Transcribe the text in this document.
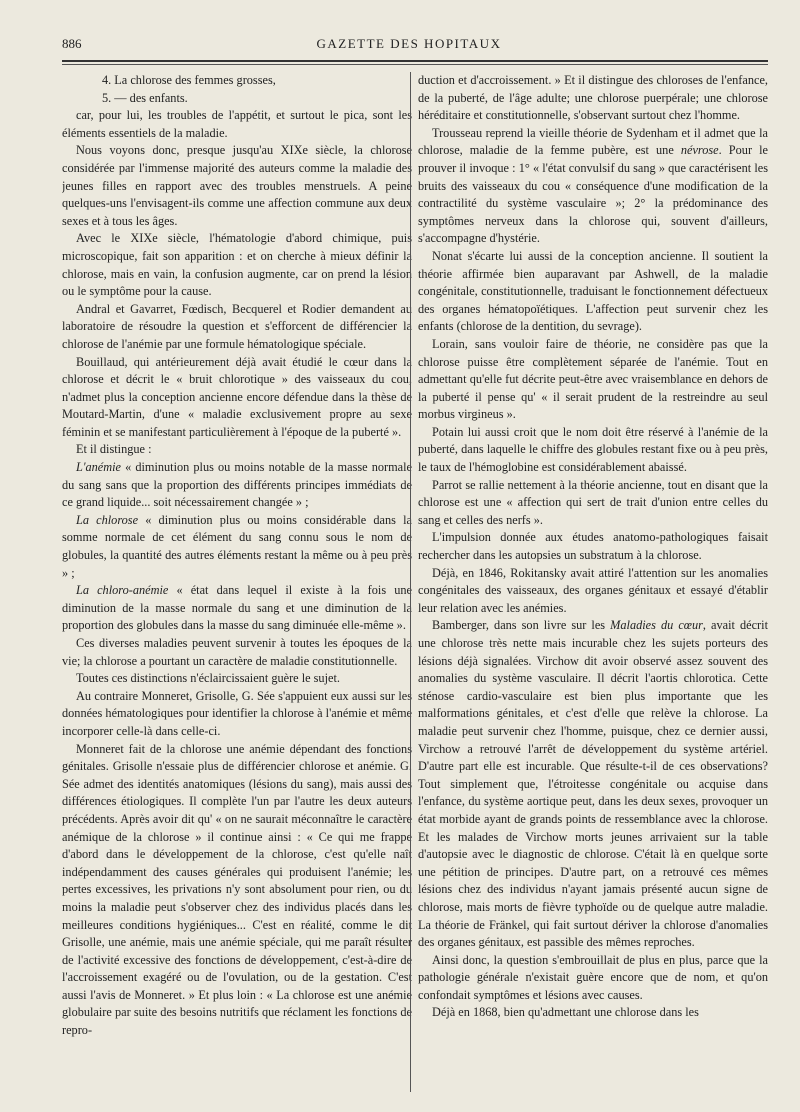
886	GAZETTE DES HOPITAUX

4. La chlorose des femmes grosses,

5. — des enfants.

car, pour lui, les troubles de l'appétit, et surtout le pica, sont les éléments essentiels de la maladie.

Nous voyons donc, presque jusqu'au XIXe siècle, la chlorose considérée par l'immense majorité des auteurs comme la maladie des jeunes filles en rapport avec des troubles menstruels. A peine quelques-uns l'envisagent-ils comme une affection commune aux deux sexes et à tous les âges.

Avec le XIXe siècle, l'hématologie d'abord chimique, puis microscopique, fait son apparition : et on cherche à mieux définir la chlorose, mais en vain, la confusion augmente, car on prend la lésion ou le symptôme pour la cause.

Andral et Gavarret, Fœdisch, Becquerel et Rodier demandent au laboratoire de résoudre la question et s'efforcent de différencier la chlorose de l'anémie par une formule hématologique spéciale.

Bouillaud, qui antérieurement déjà avait étudié le cœur dans la chlorose et décrit le « bruit chlorotique » des vaisseaux du cou, n'admet plus la conception ancienne encore défendue dans la thèse de Moutard-Martin, d'une « maladie exclusivement propre au sexe féminin et se manifestant particulièrement à l'époque de la puberté ».

Et il distingue :

L'anémie « diminution plus ou moins notable de la masse normale du sang sans que la proportion des différents principes immédiats de ce grand liquide... soit nécessairement changée » ;

La chlorose « diminution plus ou moins considérable dans la somme normale de cet élément du sang connu sous le nom de globules, la quantité des autres éléments restant la même ou à peu près » ;

La chloro-anémie « état dans lequel il existe à la fois une diminution de la masse normale du sang et une diminution de la proportion des globules dans la masse du sang diminuée elle-même ».

Ces diverses maladies peuvent survenir à toutes les époques de la vie; la chlorose a pourtant un caractère de maladie constitutionnelle.

Toutes ces distinctions n'éclaircissaient guère le sujet.

Au contraire Monneret, Grisolle, G. Sée s'appuient eux aussi sur les données hématologiques pour identifier la chlorose à l'anémie et même incorporer celle-là dans celle-ci.

Monneret fait de la chlorose une anémie dépendant des fonctions génitales. Grisolle n'essaie plus de différencier chlorose et anémie. G. Sée admet des identités anatomiques (lésions du sang), mais aussi des différences étiologiques. Il complète l'un par l'autre les deux auteurs précédents. Après avoir dit qu' « on ne saurait méconnaître le caractère anémique de la chlorose » il continue ainsi : « Ce qui me frappe d'abord dans le développement de la chlorose, c'est qu'elle naît indépendamment des causes générales qui produisent l'anémie; les pertes excessives, les privations n'y sont absolument pour rien, ou du moins la maladie peut s'observer chez des individus placés dans les meilleures conditions hygiéniques... C'est en réalité, comme le dit Grisolle, une anémie, mais une anémie spéciale, qui me paraît résulter de l'activité excessive des fonctions de développement, c'est-à-dire de l'accroissement exagéré ou de l'ovulation, ou de la gestation. C'est aussi l'avis de Monneret. » Et plus loin : « La chlorose est une anémie globulaire par suite des besoins nutritifs que réclament les fonctions de repro-

duction et d'accroissement. » Et il distingue des chloroses de l'enfance, de la puberté, de l'âge adulte; une chlorose puerpérale; une chlorose héréditaire et constitutionnelle, s'observant surtout chez l'homme.

Trousseau reprend la vieille théorie de Sydenham et il admet que la chlorose, maladie de la femme pubère, est une névrose. Pour le prouver il invoque : 1° « l'état convulsif du sang » que caractérisent les bruits des vaisseaux du cou « conséquence d'une modification de la contractilité du système vasculaire »; 2° la prédominance des symptômes nerveux dans la chlorose qui, souvent d'ailleurs, s'accompagne d'hystérie.

Nonat s'écarte lui aussi de la conception ancienne. Il soutient la théorie affirmée bien auparavant par Ashwell, de la maladie congénitale, constitutionnelle, traduisant le fonctionnement défectueux des organes hématopoïétiques. L'affection peut survenir chez les enfants (chlorose de la dentition, du sevrage).

Lorain, sans vouloir faire de théorie, ne considère pas que la chlorose puisse être complètement séparée de l'anémie. Tout en admettant qu'elle fut décrite peut-être avec vraisemblance en dehors de la puberté il pense qu' « il serait prudent de la restreindre au seul morbus virgineus ».

Potain lui aussi croit que le nom doit être réservé à l'anémie de la puberté, dans laquelle le chiffre des globules restant fixe ou à peu près, le taux de l'hémoglobine est considérablement abaissé.

Parrot se rallie nettement à la théorie ancienne, tout en disant que la chlorose est une « affection qui sert de trait d'union entre celles du sang et celles des nerfs ».

L'impulsion donnée aux études anatomo-pathologiques faisait rechercher dans les autopsies un substratum à la chlorose.

Déjà, en 1846, Rokitansky avait attiré l'attention sur les anomalies congénitales des vaisseaux, des organes génitaux et essayé d'établir leur relation avec les anémies.

Bamberger, dans son livre sur les Maladies du cœur, avait décrit une chlorose très nette mais incurable chez les sujets porteurs des lésions déjà signalées. Virchow dit avoir observé assez souvent des anomalies du système vasculaire. Il décrit l'aortis chlorotica. Cette sténose cardio-vasculaire est bien plus importante que les malformations génitales, et c'est d'elle que relève la chlorose. La maladie peut survenir chez l'homme, puisque, chez ce dernier aussi, Virchow a retrouvé l'arrêt de développement du système artériel. D'autre part elle est incurable. Que résulte-t-il de ces observations? Tout simplement que, l'étroitesse congénitale ou acquise dans l'enfance, du système aortique peut, dans les deux sexes, provoquer un état morbide ayant de grands points de ressemblance avec la chlorose. Et les malades de Virchow morts jeunes arrivaient sur la table d'autopsie avec le diagnostic de chlorose. C'était là en quelque sorte une pétition de principes. D'autre part, on a retrouvé ces mêmes lésions chez des individus n'ayant jamais présenté aucun signe de chlorose, mais morts de fièvre typhoïde ou de quelque autre maladie. La théorie de Fränkel, qui fait surtout dériver la chlorose d'anomalies des organes génitaux, est passible des mêmes reproches.

Ainsi donc, la question s'embrouillait de plus en plus, parce que la pathologie générale n'existait guère encore que de nom, et qu'on confondait symptômes et lésions avec causes.

Déjà en 1868, bien qu'admettant une chlorose dans les
